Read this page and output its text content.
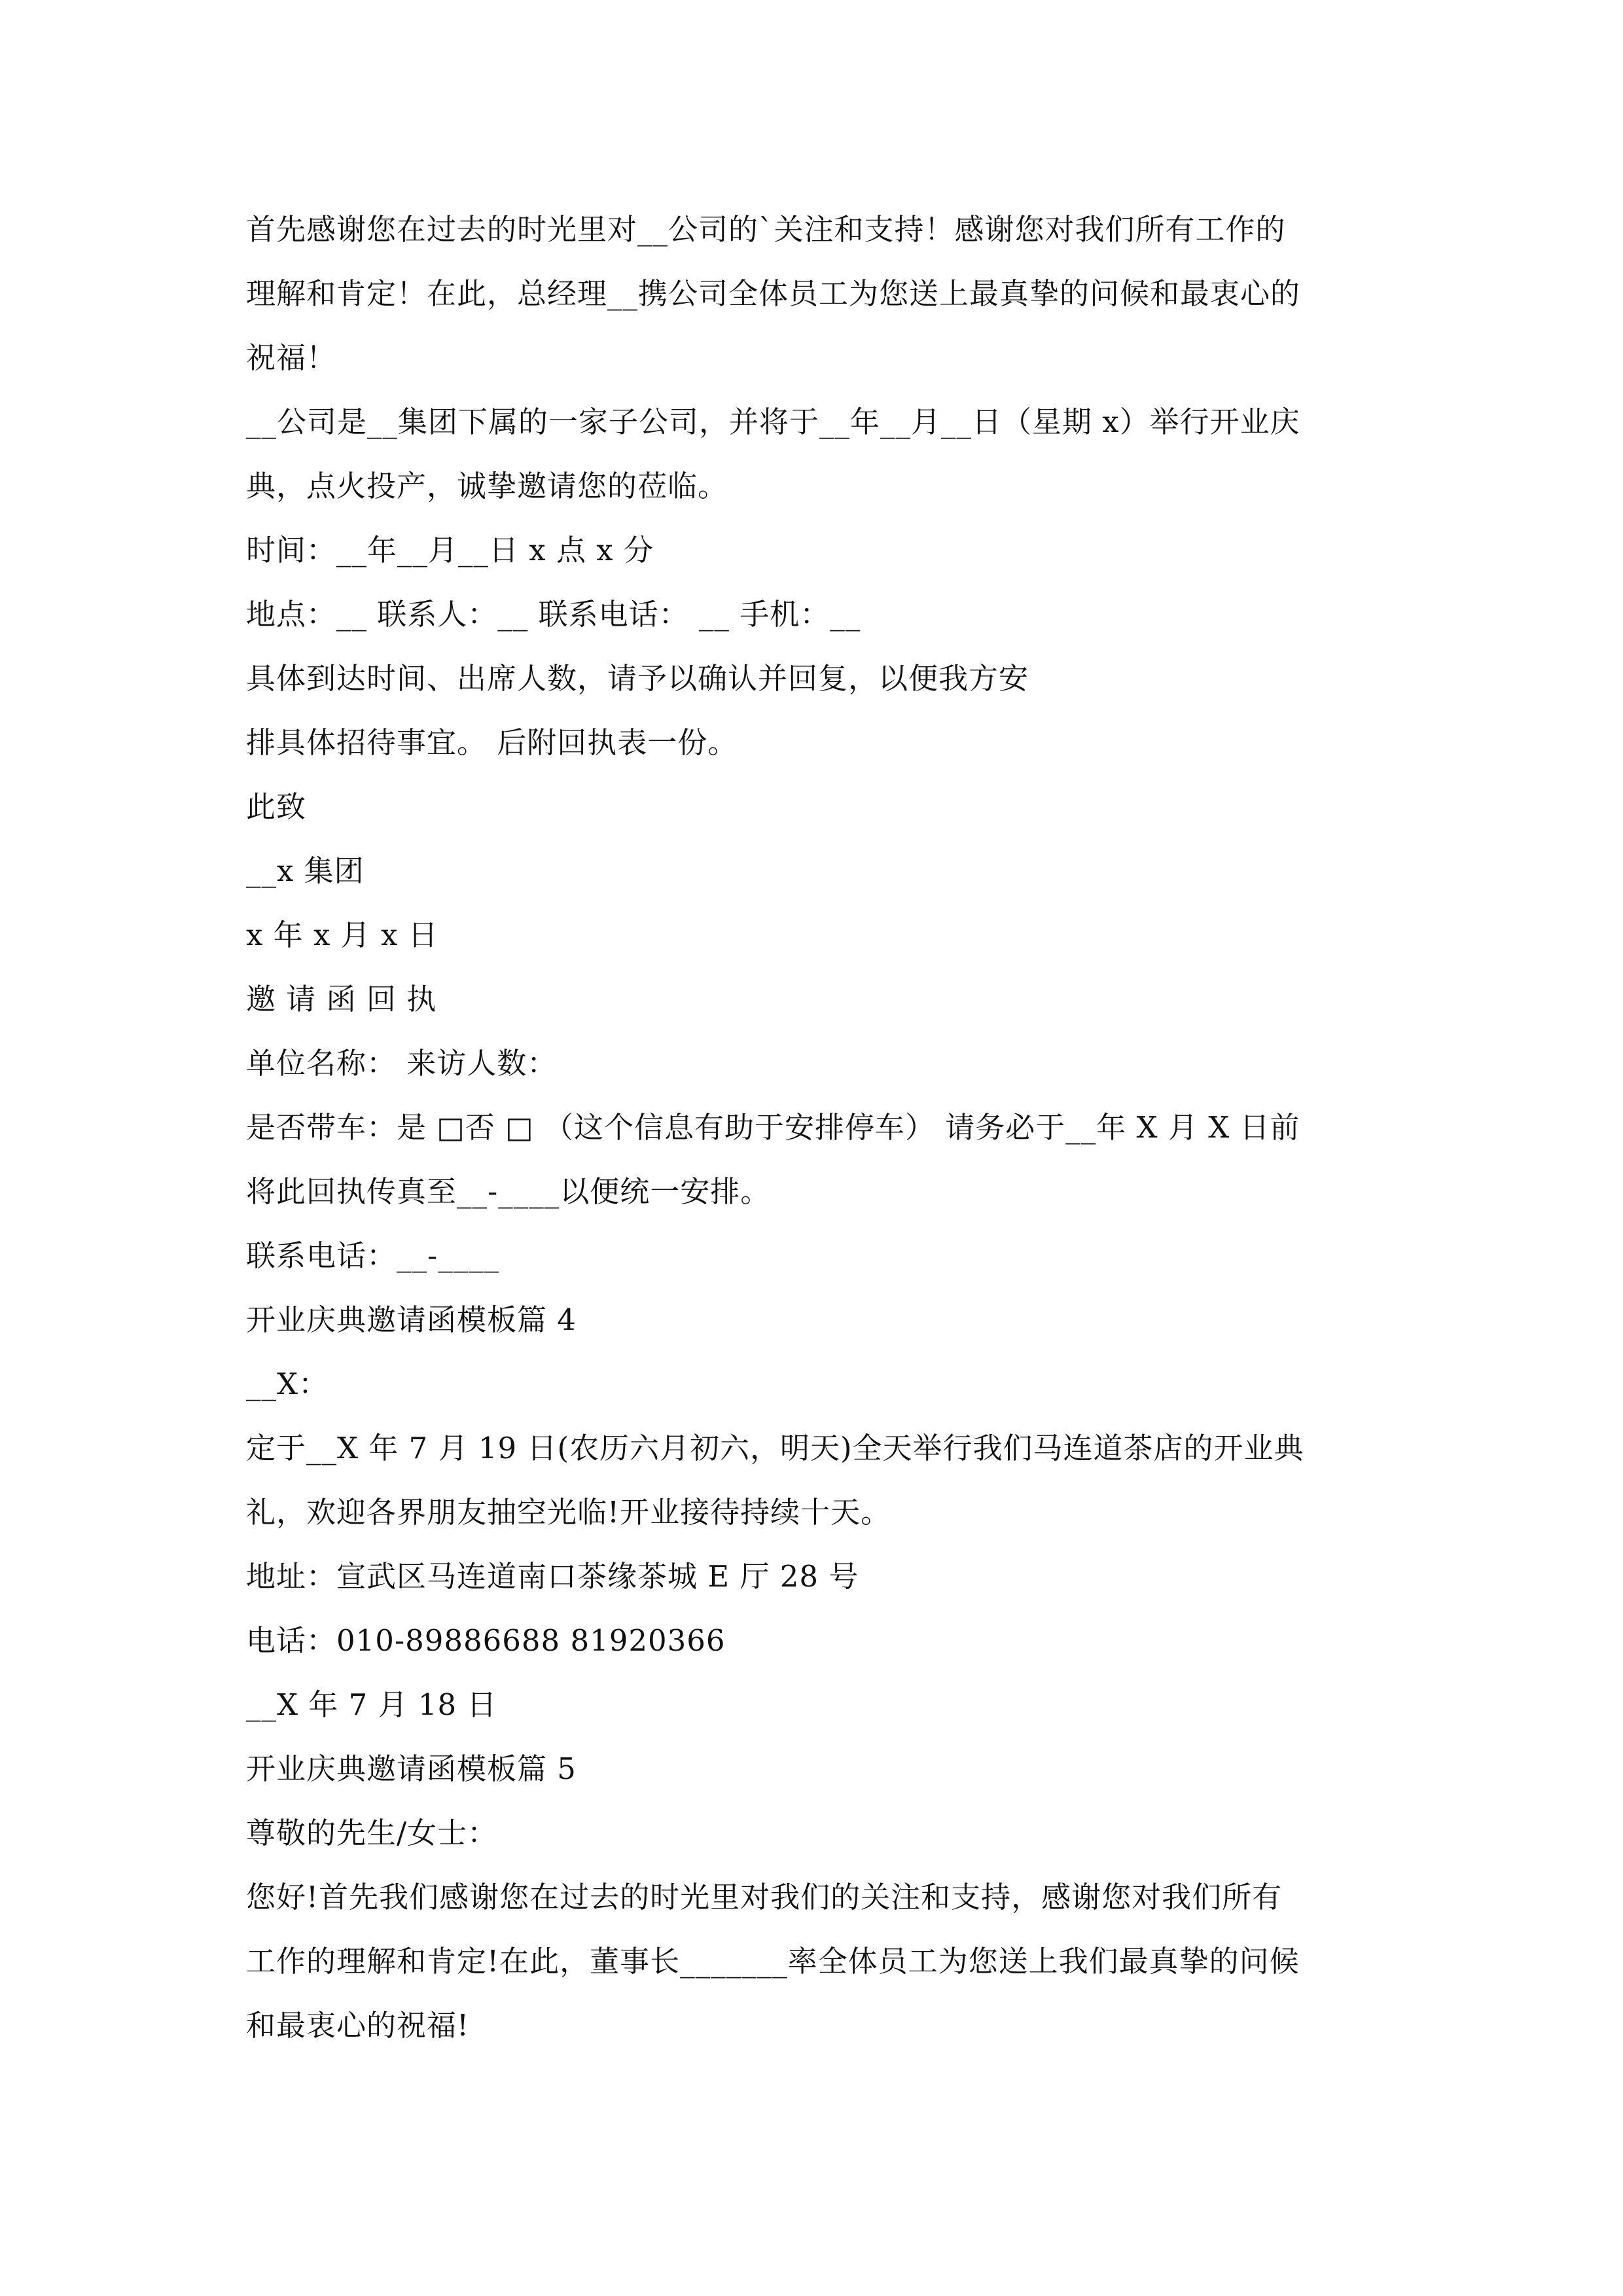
首先感谢您在过去的时光里对__公司的`关注和支持！感谢您对我们所有工作的
理解和肯定！在此，总经理__携公司全体员工为您送上最真挚的问候和最衷心的
祝福！
__公司是__集团下属的一家子公司，并将于__年__月__日（星期 x）举行开业庆
典，点火投产，诚挚邀请您的莅临。
时间：__年__月__日 x 点 x 分
地点：__ 联系人：__ 联系电话： __ 手机：__
具体到达时间、出席人数，请予以确认并回复，以便我方安
排具体招待事宜。 后附回执表一份。
此致
__x 集团
x 年 x 月 x 日
邀 请 函 回 执
单位名称： 来访人数：
是否带车：是 □否 □ （这个信息有助于安排停车） 请务必于__年 X 月 X 日前
将此回执传真至__-____以便统一安排。
联系电话：__-____
开业庆典邀请函模板篇 4
__X：
定于__X 年 7 月 19 日(农历六月初六，明天)全天举行我们马连道茶店的开业典
礼，欢迎各界朋友抽空光临!开业接待持续十天。
地址：宣武区马连道南口茶缘茶城 E 厅 28 号
电话：010-89886688 81920366
__X 年 7 月 18 日
开业庆典邀请函模板篇 5
尊敬的先生/女士：
您好!首先我们感谢您在过去的时光里对我们的关注和支持，感谢您对我们所有
工作的理解和肯定!在此，董事长_______率全体员工为您送上我们最真挚的问候
和最衷心的祝福!
